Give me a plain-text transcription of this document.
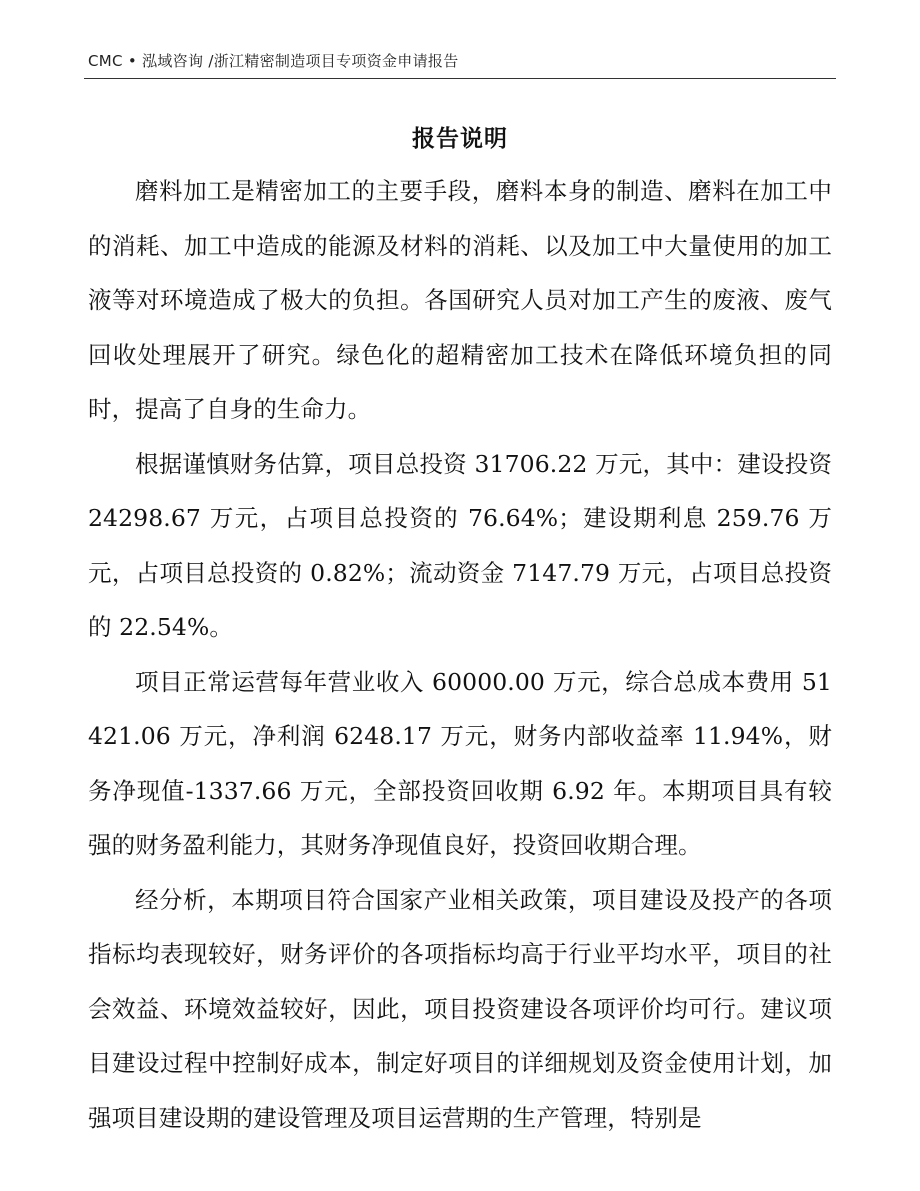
CMC • 泓域咨询 /浙江精密制造项目专项资金申请报告
报告说明

磨料加工是精密加工的主要手段，磨料本身的制造、磨料在加工中的消耗、加工中造成的能源及材料的消耗、以及加工中大量使用的加工液等对环境造成了极大的负担。各国研究人员对加工产生的废液、废气回收处理展开了研究。绿色化的超精密加工技术在降低环境负担的同时，提高了自身的生命力。

根据谨慎财务估算，项目总投资 31706.22 万元，其中：建设投资 24298.67 万元，占项目总投资的 76.64%；建设期利息 259.76 万元，占项目总投资的 0.82%；流动资金 7147.79 万元，占项目总投资的 22.54%。

项目正常运营每年营业收入 60000.00 万元，综合总成本费用 51421.06 万元，净利润 6248.17 万元，财务内部收益率 11.94%，财务净现值-1337.66 万元，全部投资回收期 6.92 年。本期项目具有较强的财务盈利能力，其财务净现值良好，投资回收期合理。

经分析，本期项目符合国家产业相关政策，项目建设及投产的各项指标均表现较好，财务评价的各项指标均高于行业平均水平，项目的社会效益、环境效益较好，因此，项目投资建设各项评价均可行。建议项目建设过程中控制好成本，制定好项目的详细规划及资金使用计划，加强项目建设期的建设管理及项目运营期的生产管理，特别是
